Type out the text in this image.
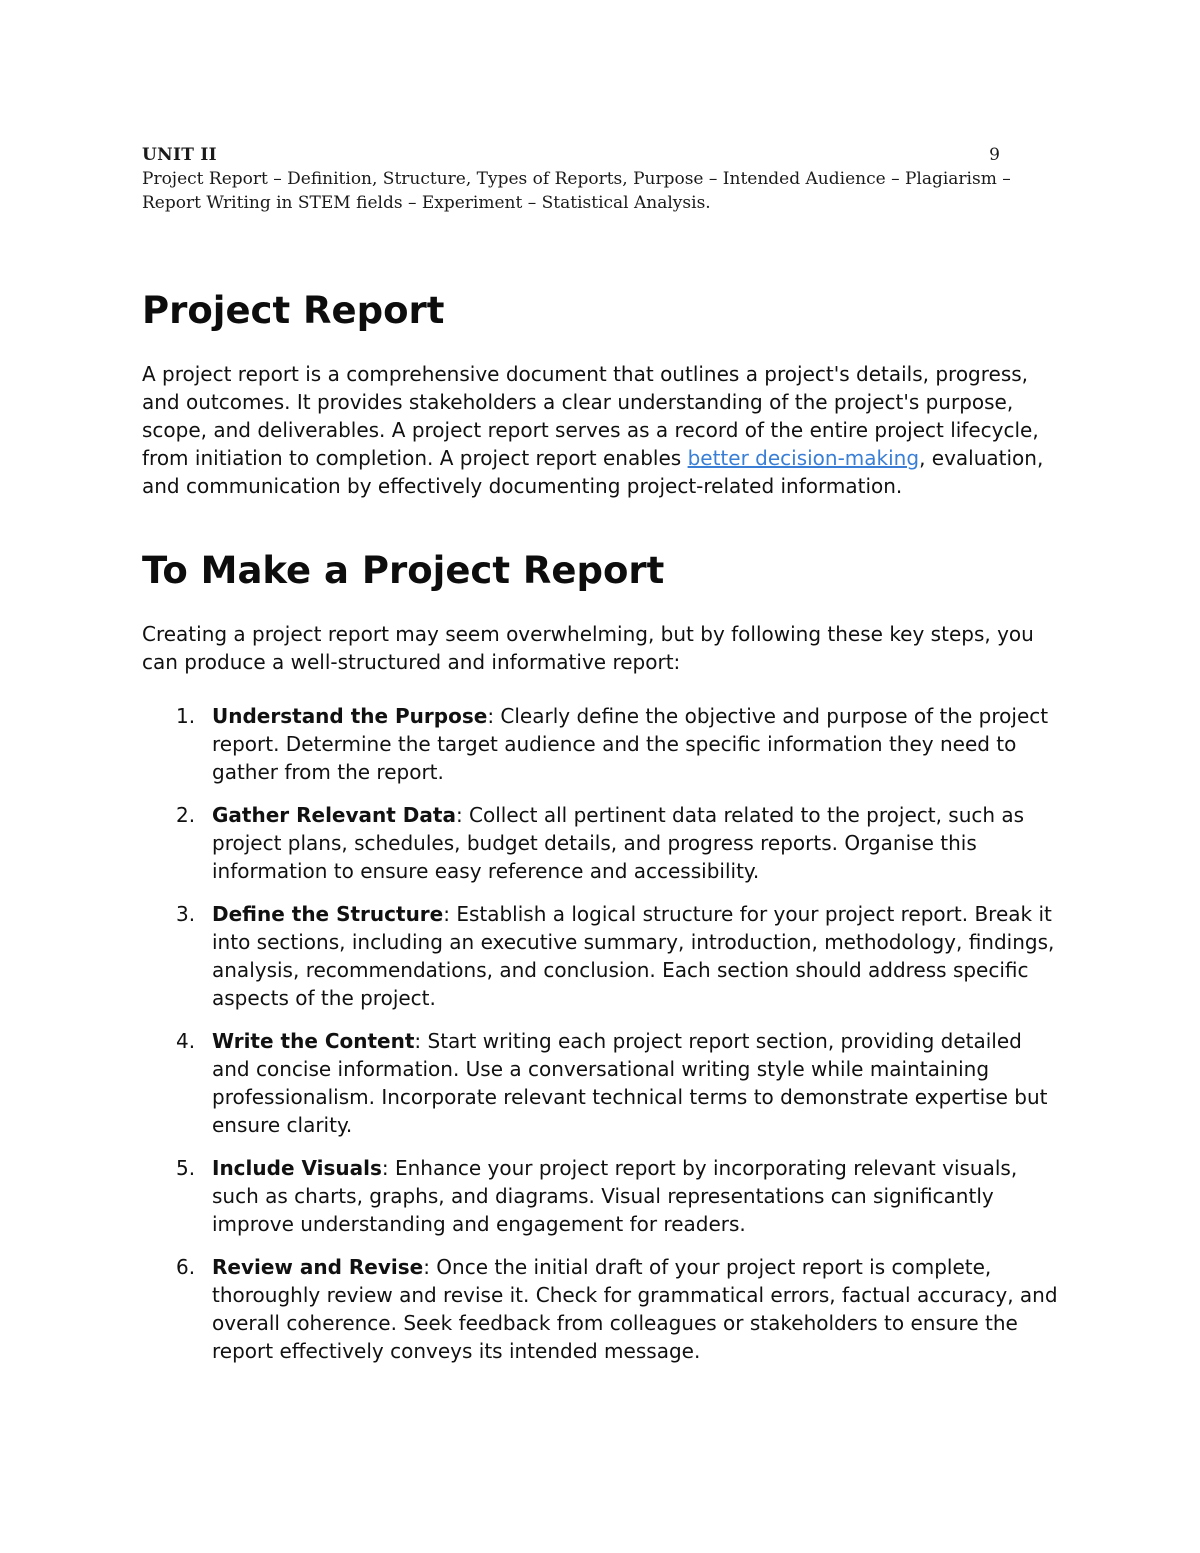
UNIT II	9

Project Report – Definition, Structure, Types of Reports, Purpose – Intended Audience – Plagiarism – Report Writing in STEM fields – Experiment – Statistical Analysis.

Project Report

A project report is a comprehensive document that outlines a project's details, progress, and outcomes. It provides stakeholders a clear understanding of the project's purpose, scope, and deliverables. A project report serves as a record of the entire project lifecycle, from initiation to completion. A project report enables better decision-making, evaluation, and communication by effectively documenting project-related information.

To Make a Project Report

Creating a project report may seem overwhelming, but by following these key steps, you can produce a well-structured and informative report:

1. Understand the Purpose: Clearly define the objective and purpose of the project report. Determine the target audience and the specific information they need to gather from the report.
2. Gather Relevant Data: Collect all pertinent data related to the project, such as project plans, schedules, budget details, and progress reports. Organise this information to ensure easy reference and accessibility.
3. Define the Structure: Establish a logical structure for your project report. Break it into sections, including an executive summary, introduction, methodology, findings, analysis, recommendations, and conclusion. Each section should address specific aspects of the project.
4. Write the Content: Start writing each project report section, providing detailed and concise information. Use a conversational writing style while maintaining professionalism. Incorporate relevant technical terms to demonstrate expertise but ensure clarity.
5. Include Visuals: Enhance your project report by incorporating relevant visuals, such as charts, graphs, and diagrams. Visual representations can significantly improve understanding and engagement for readers.
6. Review and Revise: Once the initial draft of your project report is complete, thoroughly review and revise it. Check for grammatical errors, factual accuracy, and overall coherence. Seek feedback from colleagues or stakeholders to ensure the report effectively conveys its intended message.
